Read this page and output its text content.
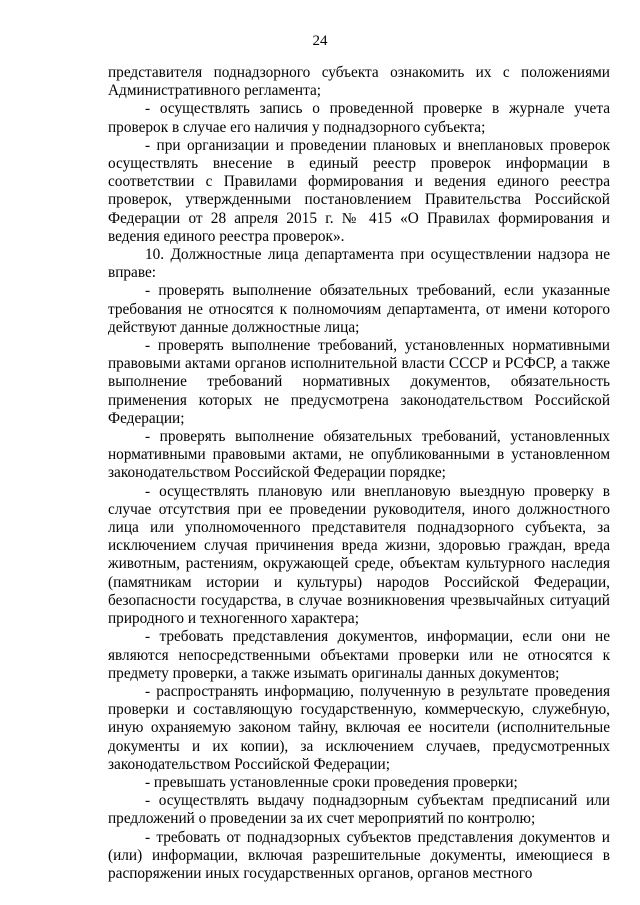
24

представителя поднадзорного субъекта ознакомить их с положениями Административного регламента;

- осуществлять запись о проведенной проверке в журнале учета проверок в случае его наличия у поднадзорного субъекта;

- при организации и проведении плановых и внеплановых проверок осуществлять внесение в единый реестр проверок информации в соответствии с Правилами формирования и ведения единого реестра проверок, утвержденными постановлением Правительства Российской Федерации от 28 апреля 2015 г. № 415 «О Правилах формирования и ведения единого реестра проверок».

10. Должностные лица департамента при осуществлении надзора не вправе:

- проверять выполнение обязательных требований, если указанные требования не относятся к полномочиям департамента, от имени которого действуют данные должностные лица;

- проверять выполнение требований, установленных нормативными правовыми актами органов исполнительной власти СССР и РСФСР, а также выполнение требований нормативных документов, обязательность применения которых не предусмотрена законодательством Российской Федерации;

- проверять выполнение обязательных требований, установленных нормативными правовыми актами, не опубликованными в установленном законодательством Российской Федерации порядке;

- осуществлять плановую или внеплановую выездную проверку в случае отсутствия при ее проведении руководителя, иного должностного лица или уполномоченного представителя поднадзорного субъекта, за исключением случая причинения вреда жизни, здоровью граждан, вреда животным, растениям, окружающей среде, объектам культурного наследия (памятникам истории и культуры) народов Российской Федерации, безопасности государства, в случае возникновения чрезвычайных ситуаций природного и техногенного характера;

- требовать представления документов, информации, если они не являются непосредственными объектами проверки или не относятся к предмету проверки, а также изымать оригиналы данных документов;

- распространять информацию, полученную в результате проведения проверки и составляющую государственную, коммерческую, служебную, иную охраняемую законом тайну, включая ее носители (исполнительные документы и их копии), за исключением случаев, предусмотренных законодательством Российской Федерации;

- превышать установленные сроки проведения проверки;

- осуществлять выдачу поднадзорным субъектам предписаний или предложений о проведении за их счет мероприятий по контролю;

- требовать от поднадзорных субъектов представления документов и (или) информации, включая разрешительные документы, имеющиеся в распоряжении иных государственных органов, органов местного
